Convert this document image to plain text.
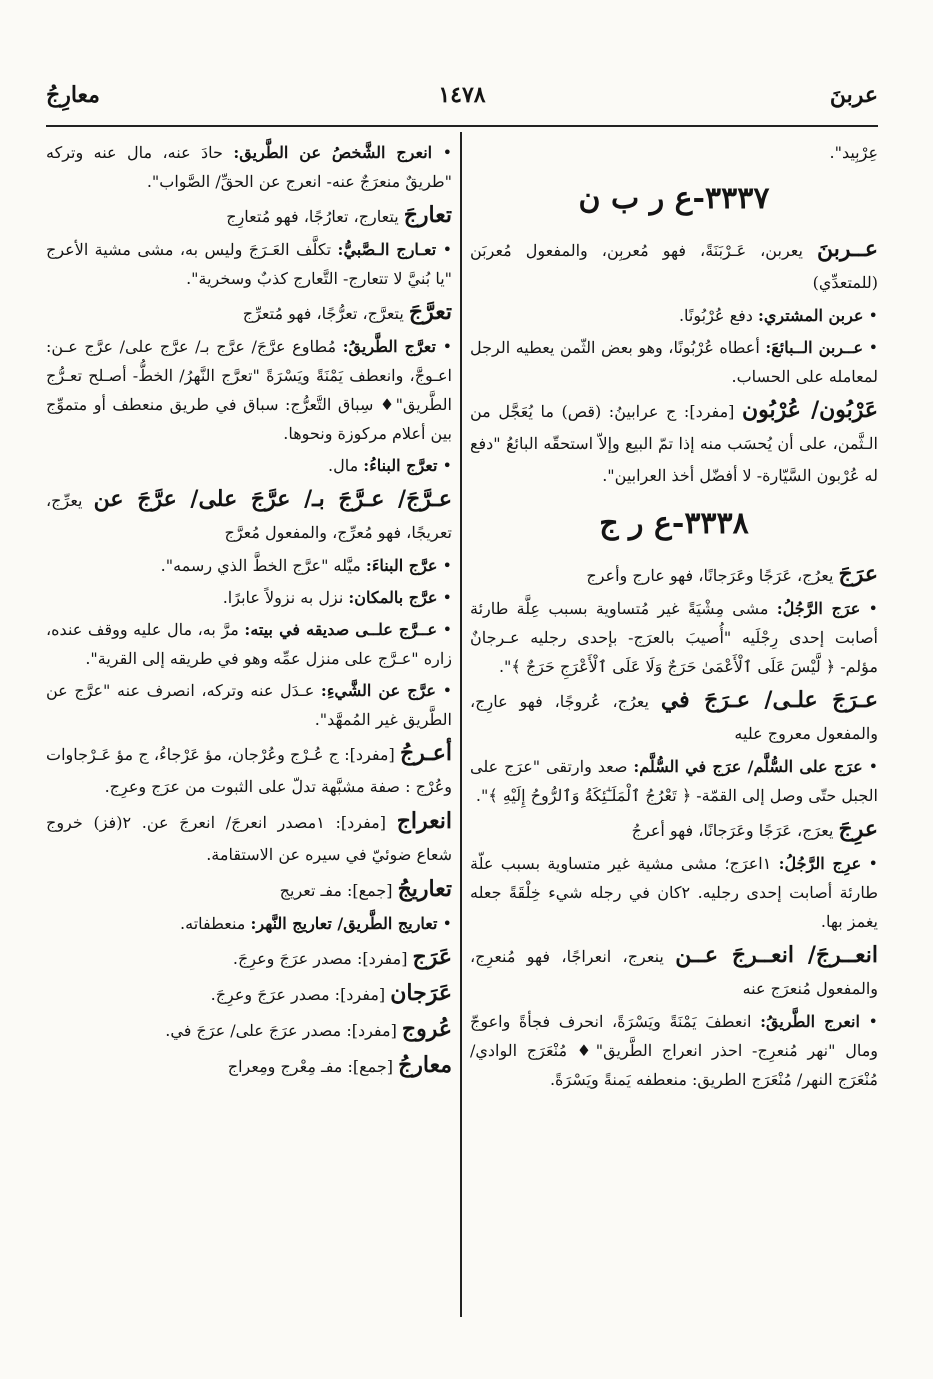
عربنَ
١٤٧٨
معارِجُ
عِرْبِيد".
٣٣٣٧-ع ر ب ن
عــربنَ يعربن، عَـرْبَنَةً، فهو مُعربِن، والمفعول مُعربَن (للمتعدِّي)
• عربن المشتري: دفع عُرْبُونًا.
• عــربن الــبائعَ: أعطاه عُرْبُونًا، وهو بعض الثّمن يعطيه الرجل لمعامله على الحساب.
عَرْبُون/ عُرْبُون [مفرد]: ج عرابينُ: (قص) ما يُعَجَّل من الـثَّمن، على أن يُحسَب منه إذا تمّ البيع وإلاّ استحقّه البائعُ "دفع له عُرْبون السَّيّارة- لا أفضّل أخذ العرابين".
٣٣٣٨-ع ر ج
عرَجَ يعرُج، عَرَجًا وعَرَجانًا، فهو عارج وأعرج
• عرَج الرَّجُلُ: مشى مِشْيَةً غير مُتساوية بسبب عِلَّة طارئة أصابت إحدى رِجْلَيه "أُصيبَ بالعرَج- بإحدى رجليه عـرجانٌ مؤلم- ﴿ لَّيْسَ عَلَى ٱلْأَعْمَىٰ حَرَجٌ وَلَا عَلَى ٱلْأَعْرَجِ حَرَجٌ ﴾".
عـرَجَ علـى/ عـرَجَ في يعرُج، عُروجًا، فهو عارِج، والمفعول معروج عليه
• عرَج على السُّلَّم/ عرَج في السُّلَّم: صعد وارتقى "عرَج على الجبل حتّى وصل إلى القمّة- ﴿ تَعْرُجُ ٱلْمَلَـٰٓئِكَةُ وَٱلرُّوحُ إِلَيْهِ ﴾".
عرِجَ يعرَج، عَرَجًا وعَرَجانًا، فهو أعرجُ
• عرِج الرَّجُلُ: ١اعرَج؛ مشى مشية غير متساوية بسبب علّة طارئة أصابت إحدى رجليه. ٢كان في رجله شيء خِلْقَةً جعله يغمز بها.
انعــرجَ/ انعــرجَ عــن ينعرج، انعراجًا، فهو مُنعرِج، والمفعول مُنعرَج عنه
• انعرج الطَّريقُ: انعطفَ يَمْنَةً ويَسْرَةً، انحرف فجأةً واعوجّ ومال "نهر مُنعرِج- احذر انعراج الطَّريق"♦ مُنْعَرَج الوادي/ مُنْعَرَج النهر/ مُنْعَرَج الطريق: منعطفه يَمنةً ويَسْرَةً.
• انعرج الشَّخصُ عن الطَّريق: حادَ عنه، مال عنه وتركه "طريقٌ منعرَجٌ عنه- انعرج عن الحقِّ/ الصَّواب".
تعارجَ يتعارج، تعارُجًا، فهو مُتعارِج
• تعـارج الـصَّبيُّ: تكلَّف العَـرَجَ وليس به، مشى مشية الأعرج "يا بُنيَّ لا تتعارج- التَّعارج كذبٌ وسخرية".
تعرَّجَ يتعرَّج، تعرُّجًا، فهو مُتعرِّج
• تعرَّج الطَّريقُ: مُطاوع عرَّجَ/ عرَّج بـ/ عرَّج على/ عرَّج عـن: اعـوجَّ، وانعطف يَمْنَةً ويَسْرَةً "تعرَّج النَّهرُ/ الخطُّ- أصـلح تعـرُّج الطَّريق"♦ سِباق التَّعرُّج: سباق في طريق منعطف أو متموِّج بين أعلام مركوزة ونحوها.
• تعرَّج البناءُ: مال.
عـرَّجَ/ عـرَّجَ بـ/ عرَّجَ على/ عرَّجَ عن يعرِّج، تعريجًا، فهو مُعرِّج، والمفعول مُعرَّج
• عرَّج البناءَ: ميَّله "عرَّج الخطَّ الذي رسمه".
• عرَّج بالمكان: نزل به نزولاً عابرًا.
• عــرَّج علــى صديقه في بيته: مرَّ به، مال عليه ووقف عنده، زاره "عـرَّج على منزل عمِّه وهو في طريقه إلى القرية".
• عرَّج عن الشَّيءِ: عـدَل عنه وتركه، انصرف عنه "عرَّج عن الطَّريق غير المُمهَّد".
أعـرجُ [مفرد]: ج عُـرْج وعُرْجان، مؤ عَرْجاءُ، ج مؤ عَـرْجاوات وعُرْج : صفة مشبَّهة تدلّ على الثبوت من عرَج وعرِج.
انعراج [مفرد]: ١مصدر انعرجَ/ انعرجَ عن. ٢(فز) خروج شعاع ضوئيّ في سيره عن الاستقامة.
تعاريجُ [جمع]: مفـ تعريج
• تعاريج الطَّريق/ تعاريج النَّهر: منعطفاته.
عَرَج [مفرد]: مصدر عرَجَ وعرِجَ.
عَرَجان [مفرد]: مصدر عرَجَ وعرِجَ.
عُروج [مفرد]: مصدر عرَجَ على/ عرَجَ في.
معارجُ [جمع]: مفـ مِعْرج ومِعراج
